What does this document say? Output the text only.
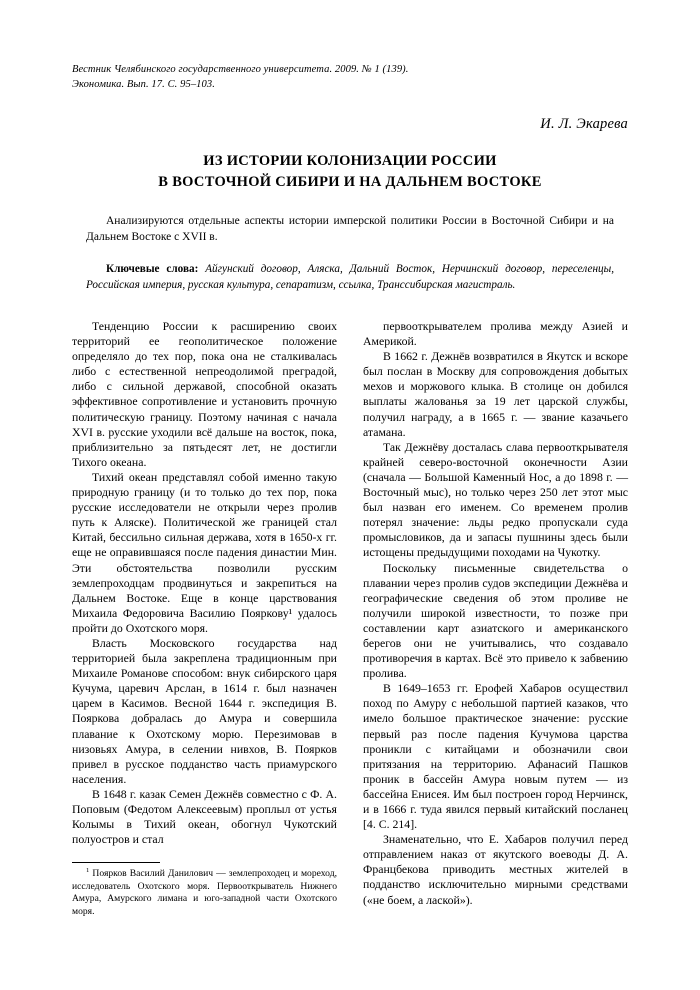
Вестник Челябинского государственного университета. 2009. № 1 (139).
Экономика. Вып. 17. С. 95–103.
И. Л. Экарева
ИЗ ИСТОРИИ КОЛОНИЗАЦИИ РОССИИ
В ВОСТОЧНОЙ СИБИРИ И НА ДАЛЬНЕМ ВОСТОКЕ
Анализируются отдельные аспекты истории имперской политики России в Восточной Сибири и на Дальнем Востоке с XVII в.
Ключевые слова: Айгунский договор, Аляска, Дальний Восток, Нерчинский договор, переселенцы, Российская империя, русская культура, сепаратизм, ссылка, Транссибирская магистраль.

Тенденцию России к расширению своих территорий ее геополитическое положение определяло до тех пор, пока она не сталкивалась либо с естественной непреодолимой преградой, либо с сильной державой, способной оказать эффективное сопротивление и установить прочную политическую границу. Поэтому начиная с начала XVI в. русские уходили всё дальше на восток, пока, приблизительно за пятьдесят лет, не достигли Тихого океана.

Тихий океан представлял собой именно такую природную границу (и то только до тех пор, пока русские исследователи не открыли через пролив путь к Аляске). Политической же границей стал Китай, бессильно сильная держава, хотя в 1650-х гг. еще не оправившаяся после падения династии Мин. Эти обстоятельства позволили русским землепроходцам продвинуться и закрепиться на Дальнем Востоке. Еще в конце царствования Михаила Федоровича Василию Пояркову¹ удалось пройти до Охотского моря.

Власть Московского государства над территорией была закреплена традиционным при Михаиле Романове способом: внук сибирского царя Кучума, царевич Арслан, в 1614 г. был назначен царем в Касимов. Весной 1644 г. экспедиция В. Пояркова добралась до Амура и совершила плавание к Охотскому морю. Перезимовав в низовьях Амура, в селении нивхов, В. Поярков привел в русское подданство часть приамурского населения.

В 1648 г. казак Семен Дежнёв совместно с Ф. А. Поповым (Федотом Алексеевым) проплыл от устья Колымы в Тихий океан, обогнул Чукотский полуостров и стал

$^1$ Поярков Василий Данилович — землепроходец и мореход, исследователь Охотского моря. Первооткрыватель Нижнего Амура, Амурского лимана и юго-западной части Охотского моря.

первооткрывателем пролива между Азией и Америкой.

В 1662 г. Дежнёв возвратился в Якутск и вскоре был послан в Москву для сопровождения добытых мехов и моржового клыка. В столице он добился выплаты жалованья за 19 лет царской службы, получил награду, а в 1665 г. — звание казачьего атамана.

Так Дежнёву досталась слава первооткрывателя крайней северо-восточной оконечности Азии (сначала — Большой Каменный Нос, а до 1898 г. — Восточный мыс), но только через 250 лет этот мыс был назван его именем. Со временем пролив потерял значение: льды редко пропускали суда промысловиков, да и запасы пушнины здесь были истощены предыдущими походами на Чукотку.

Поскольку письменные свидетельства о плавании через пролив судов экспедиции Дежнёва и географические сведения об этом проливе не получили широкой известности, то позже при составлении карт азиатского и американского берегов они не учитывались, что создавало противоречия в картах. Всё это привело к забвению пролива.

В 1649–1653 гг. Ерофей Хабаров осуществил поход по Амуру с небольшой партией казаков, что имело большое практическое значение: русские первый раз после падения Кучумова царства проникли с китайцами и обозначили свои притязания на территорию. Афанасий Пашков проник в бассейн Амура новым путем — из бассейна Енисея. Им был построен город Нерчинск, и в 1666 г. туда явился первый китайский посланец [4. С. 214].

Знаменательно, что Е. Хабаров получил перед отправлением наказ от якутского воеводы Д. А. Францбекова приводить местных жителей в подданство исключительно мирными средствами («не боем, а лаской»).
